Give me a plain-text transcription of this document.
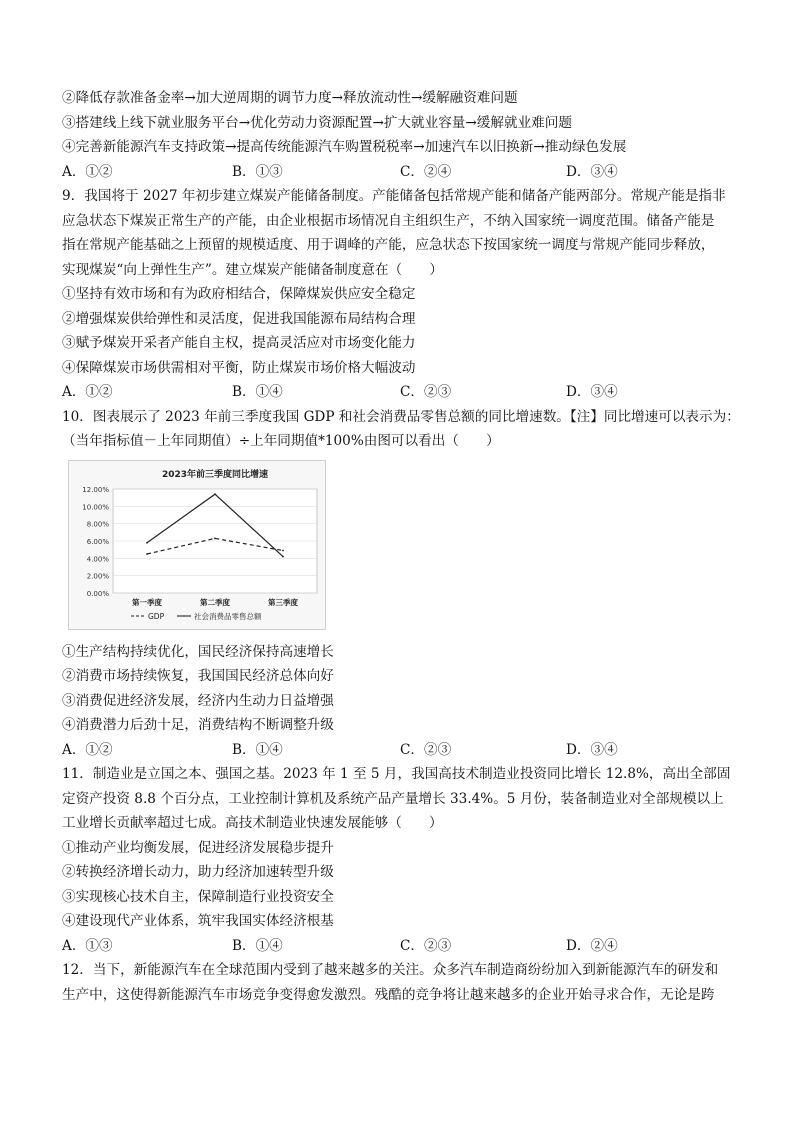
②降低存款准备金率→加大逆周期的调节力度→释放流动性→缓解融资难问题
③搭建线上线下就业服务平台→优化劳动力资源配置→扩大就业容量→缓解就业难问题
④完善新能源汽车支持政策→提高传统能源汽车购置税税率→加速汽车以旧换新→推动绿色发展
A．①②	B．①③	C．②④	D．③④
9．我国将于 2027 年初步建立煤炭产能储备制度。产能储备包括常规产能和储备产能两部分。常规产能是指非
应急状态下煤炭正常生产的产能，由企业根据市场情况自主组织生产，不纳入国家统一调度范围。储备产能是
指在常规产能基础之上预留的规模适度、用于调峰的产能，应急状态下按国家统一调度与常规产能同步释放，
实现煤炭“向上弹性生产”。建立煤炭产能储备制度意在（　　）
①坚持有效市场和有为政府相结合，保障煤炭供应安全稳定
②增强煤炭供给弹性和灵活度，促进我国能源布局结构合理
③赋予煤炭开采者产能自主权，提高灵活应对市场变化能力
④保障煤炭市场供需相对平衡，防止煤炭市场价格大幅波动
A．①②	B．①④	C．②③	D．③④
10．图表展示了 2023 年前三季度我国 GDP 和社会消费品零售总额的同比增速数。【注】同比增速可以表示为：
（当年指标值－上年同期值）÷上年同期值*100%由图可以看出（　　）
2023年前三季度同比增速
12.00%
10.00%
8.00%
6.00%
4.00%
2.00%
0.00%
第一季度	第二季度	第三季度
GDP	社会消费品零售总额
①生产结构持续优化，国民经济保持高速增长
②消费市场持续恢复，我国国民经济总体向好
③消费促进经济发展，经济内生动力日益增强
④消费潜力后劲十足，消费结构不断调整升级
A．①②	B．①④	C．②③	D．③④
11．制造业是立国之本、强国之基。2023 年 1 至 5 月，我国高技术制造业投资同比增长 12.8%，高出全部固
定资产投资 8.8 个百分点，工业控制计算机及系统产品产量增长 33.4%。5 月份，装备制造业对全部规模以上
工业增长贡献率超过七成。高技术制造业快速发展能够（　　）
①推动产业均衡发展，促进经济发展稳步提升
②转换经济增长动力，助力经济加速转型升级
③实现核心技术自主，保障制造行业投资安全
④建设现代产业体系，筑牢我国实体经济根基
A．①③	B．①④	C．②③	D．②④
12．当下，新能源汽车在全球范围内受到了越来越多的关注。众多汽车制造商纷纷加入到新能源汽车的研发和
生产中，这使得新能源汽车市场竞争变得愈发激烈。残酷的竞争将让越来越多的企业开始寻求合作，无论是跨
